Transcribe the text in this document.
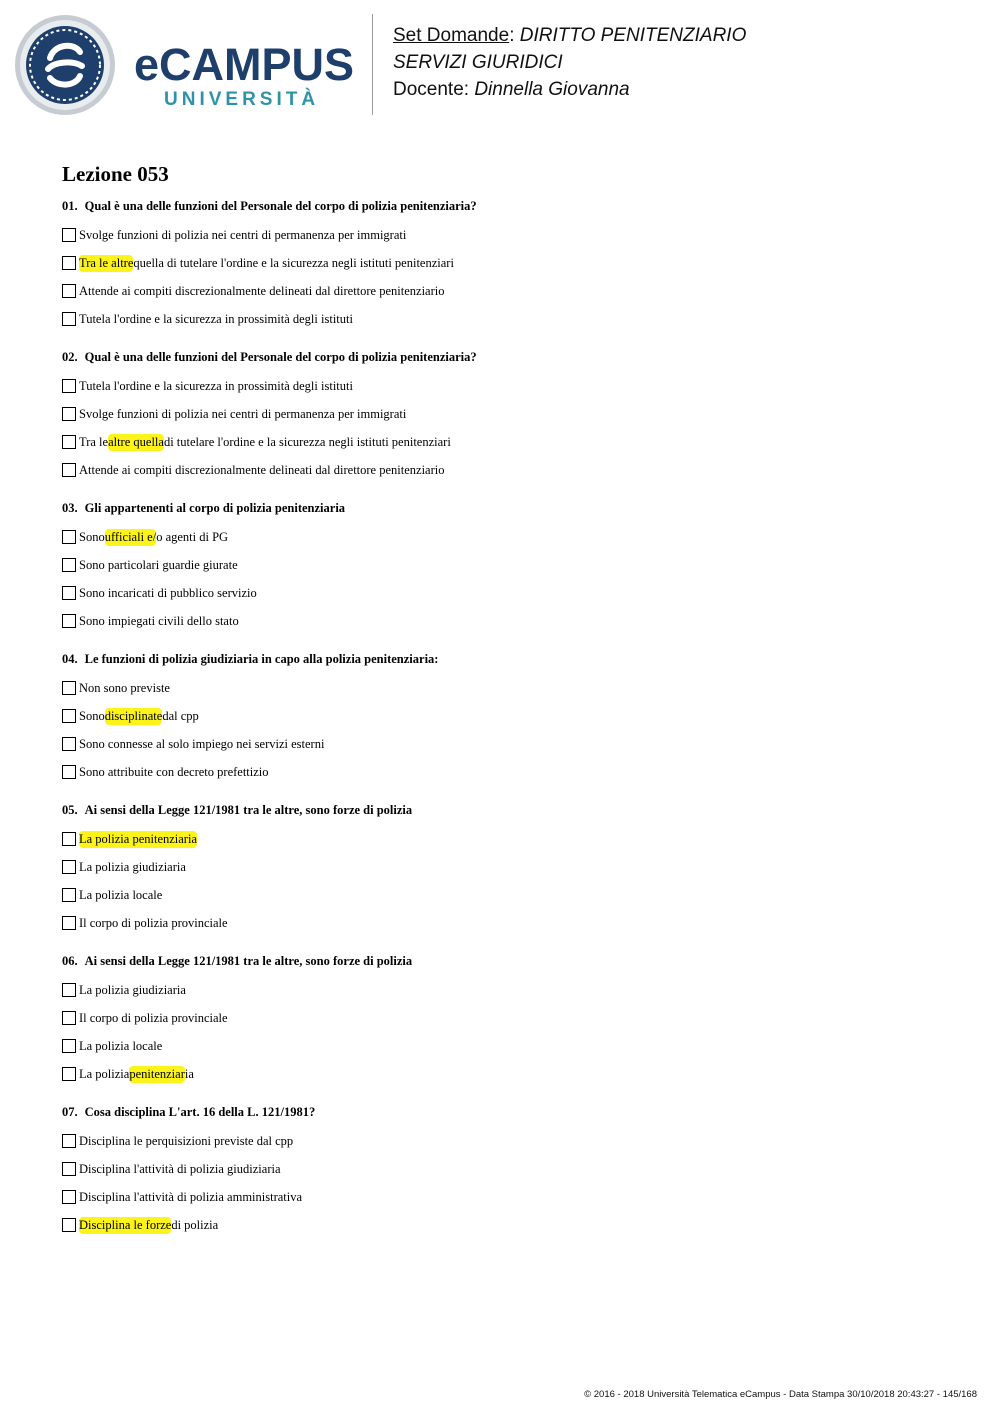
eCAMPUS
UNIVERSITÀ
Set Domande: DIRITTO PENITENZIARIO
SERVIZI GIURIDICI
Docente: Dinnella Giovanna
Lezione 053
01. Qual è una delle funzioni del Personale del corpo di polizia penitenziaria?
Svolge funzioni di polizia nei centri di permanenza per immigrati
Tra le altre quella di tutelare l'ordine e la sicurezza negli istituti penitenziari
Attende ai compiti discrezionalmente delineati dal direttore penitenziario
Tutela l'ordine e la sicurezza in prossimità degli istituti
02. Qual è una delle funzioni del Personale del corpo di polizia penitenziaria?
Tutela l'ordine e la sicurezza in prossimità degli istituti
Svolge funzioni di polizia nei centri di permanenza per immigrati
Tra le altre quella di tutelare l'ordine e la sicurezza negli istituti penitenziari
Attende ai compiti discrezionalmente delineati dal direttore penitenziario
03. Gli appartenenti al corpo di polizia penitenziaria
Sono ufficiali e/ o agenti di PG
Sono particolari guardie giurate
Sono incaricati di pubblico servizio
Sono impiegati civili dello stato
04. Le funzioni di polizia giudiziaria in capo alla polizia penitenziaria:
Non sono previste
Sono disciplinate dal cpp
Sono connesse al solo impiego nei servizi esterni
Sono attribuite con decreto prefettizio
05. Ai sensi della Legge 121/1981 tra le altre, sono forze di polizia
La polizia penitenziaria
La polizia giudiziaria
La polizia locale
Il corpo di polizia provinciale
06. Ai sensi della Legge 121/1981 tra le altre, sono forze di polizia
La polizia giudiziaria
Il corpo di polizia provinciale
La polizia locale
La polizia penitenziar ia
07. Cosa disciplina L'art. 16 della L. 121/1981?
Disciplina le perquisizioni previste dal cpp
Disciplina l'attività di polizia giudiziaria
Disciplina l'attività di polizia amministrativa
Disciplina le forze di polizia
© 2016 - 2018 Università Telematica eCampus - Data Stampa 30/10/2018 20:43:27 - 145/168
